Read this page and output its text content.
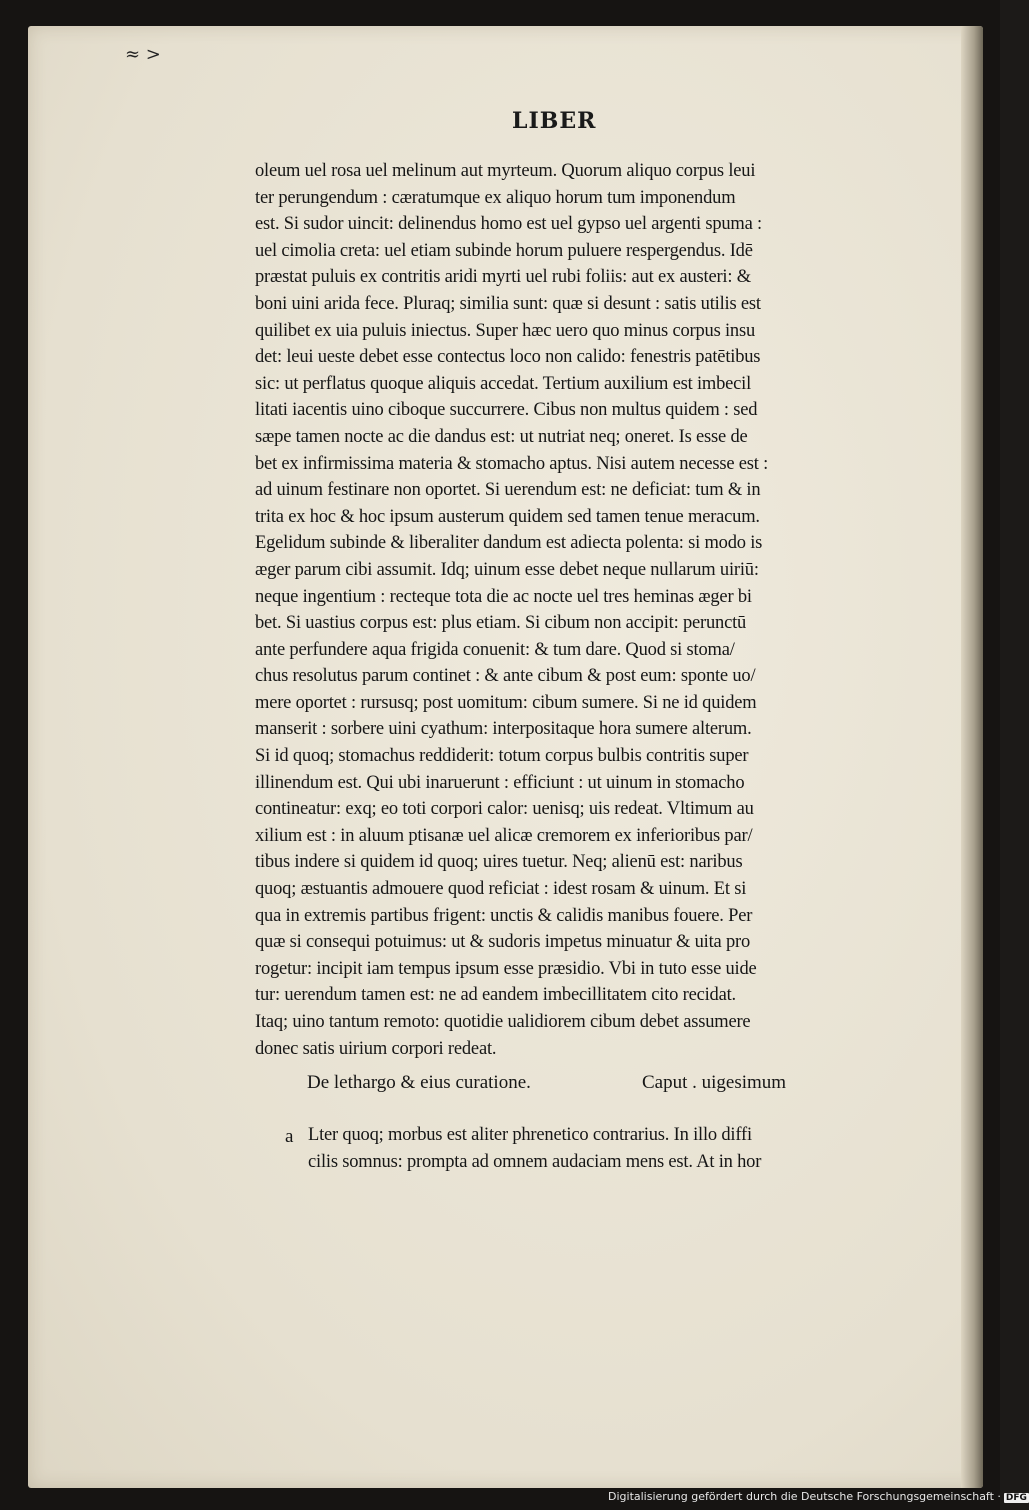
≈ >
LIBER
oleum uel rosa uel melinum aut myrteum. Quorum aliquo corpus leui
ter perungendum : cæratumque ex aliquo horum tum imponendum
est. Si sudor uincit: delinendus homo est uel gypso uel argenti spuma :
uel cimolia creta: uel etiam subinde horum puluere respergendus. Idē
præstat puluis ex contritis aridi myrti uel rubi foliis: aut ex austeri: &
boni uini arida fece. Pluraq; similia sunt: quæ si desunt : satis utilis est
quilibet ex uia puluis iniectus. Super hæc uero quo minus corpus insu
det: leui ueste debet esse contectus loco non calido: fenestris patētibus
sic: ut perflatus quoque aliquis accedat. Tertium auxilium est imbecil
litati iacentis uino ciboque succurrere. Cibus non multus quidem : sed
sæpe tamen nocte ac die dandus est: ut nutriat neq; oneret. Is esse de
bet ex infirmissima materia & stomacho aptus. Nisi autem necesse est :
ad uinum festinare non oportet. Si uerendum est: ne deficiat: tum & in
trita ex hoc & hoc ipsum austerum quidem sed tamen tenue meracum.
Egelidum subinde & liberaliter dandum est adiecta polenta: si modo is
æger parum cibi assumit. Idq; uinum esse debet neque nullarum uiriū:
neque ingentium : recteque tota die ac nocte uel tres heminas æger bi
bet. Si uastius corpus est: plus etiam. Si cibum non accipit: perunctū
ante perfundere aqua frigida conuenit: & tum dare. Quod si stoma/
chus resolutus parum continet : & ante cibum & post eum: sponte uo/
mere oportet : rursusq; post uomitum: cibum sumere. Si ne id quidem
manserit : sorbere uini cyathum: interpositaque hora sumere alterum.
Si id quoq; stomachus reddiderit: totum corpus bulbis contritis super
illinendum est. Qui ubi inaruerunt : efficiunt : ut uinum in stomacho
contineatur: exq; eo toti corpori calor: uenisq; uis redeat. Vltimum au
xilium est : in aluum ptisanæ uel alicæ cremorem ex inferioribus par/
tibus indere si quidem id quoq; uires tuetur. Neq; alienū est: naribus
quoq; æstuantis admouere quod reficiat : idest rosam & uinum. Et si
qua in extremis partibus frigent: unctis & calidis manibus fouere. Per
quæ si consequi potuimus: ut & sudoris impetus minuatur & uita pro
rogetur: incipit iam tempus ipsum esse præsidio. Vbi in tuto esse uide
tur: uerendum tamen est: ne ad eandem imbecillitatem cito recidat.
Itaq; uino tantum remoto: quotidie ualidiorem cibum debet assumere
donec satis uirium corpori redeat.
De lethargo & eius curatione.	Caput . uigesimum
a Lter quoq; morbus est aliter phrenetico contrarius. In illo diffi
cilis somnus: prompta ad omnem audaciam mens est. At in hor
Digitalisierung gefördert durch die Deutsche Forschungsgemeinschaft · DFG
